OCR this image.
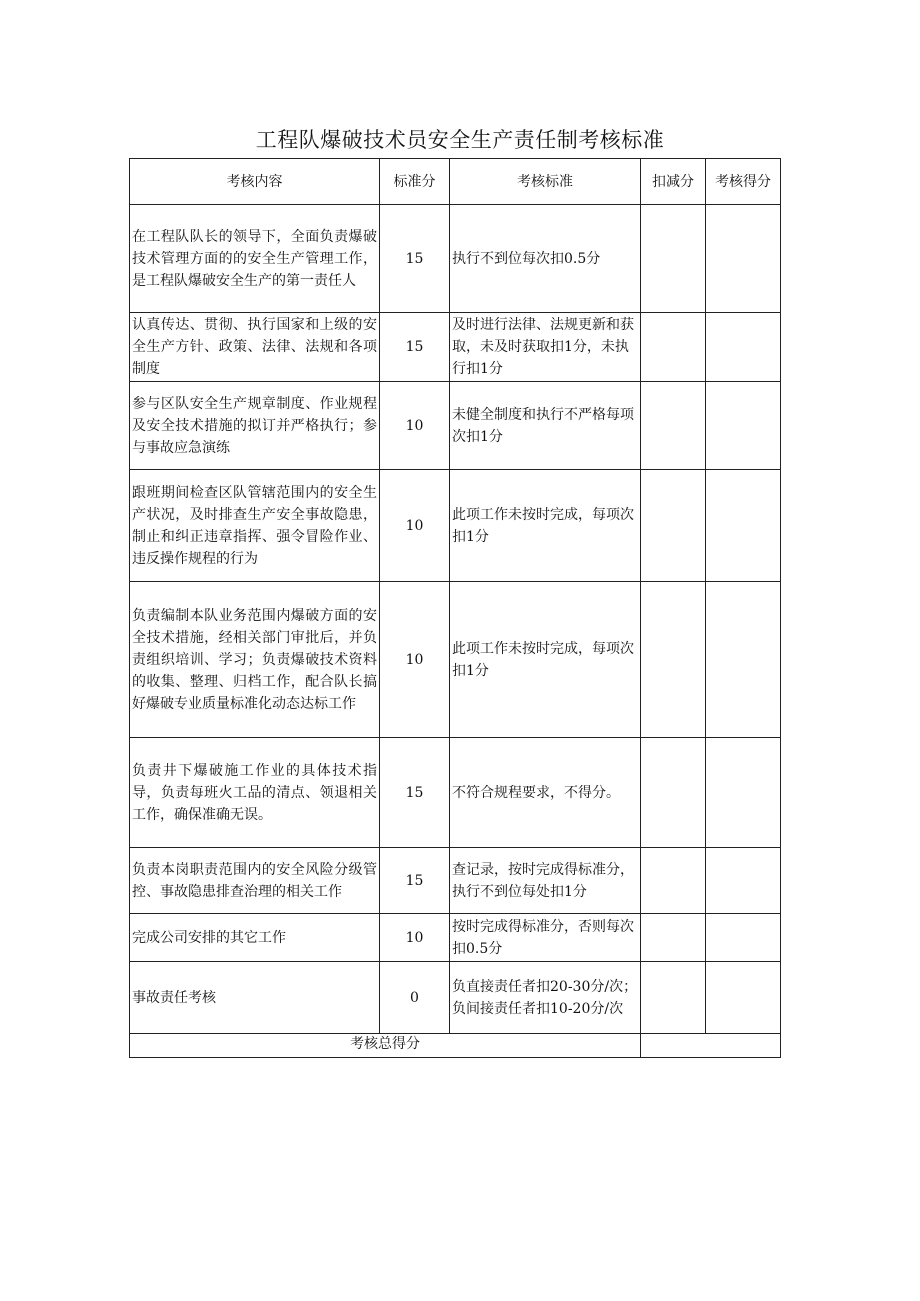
工程队爆破技术员安全生产责任制考核标准
考核内容	标准分	考核标准	扣减分	考核得分
在工程队队长的领导下，全面负责爆破技术管理方面的的安全生产管理工作，是工程队爆破安全生产的第一责任人	15	执行不到位每次扣0.5分		
认真传达、贯彻、执行国家和上级的安全生产方针、政策、法律、法规和各项制度	15	及时进行法律、法规更新和获取，未及时获取扣1分，未执行扣1分		
参与区队安全生产规章制度、作业规程及安全技术措施的拟订并严格执行；参与事故应急演练	10	未健全制度和执行不严格每项次扣1分		
跟班期间检查区队管辖范围内的安全生产状况，及时排查生产安全事故隐患，制止和纠正违章指挥、强令冒险作业、违反操作规程的行为	10	此项工作未按时完成，每项次扣1分		
负责编制本队业务范围内爆破方面的安全技术措施，经相关部门审批后，并负责组织培训、学习；负责爆破技术资料的收集、整理、归档工作，配合队长搞好爆破专业质量标准化动态达标工作	10	此项工作未按时完成，每项次扣1分		
负责井下爆破施工作业的具体技术指导，负责每班火工品的清点、领退相关工作，确保准确无误。	15	不符合规程要求，不得分。		
负责本岗职责范围内的安全风险分级管控、事故隐患排查治理的相关工作	15	查记录，按时完成得标准分，执行不到位每处扣1分		
完成公司安排的其它工作	10	按时完成得标准分，否则每次扣0.5分		
事故责任考核	0	负直接责任者扣20-30分/次；负间接责任者扣10-20分/次		
考核总得分				
